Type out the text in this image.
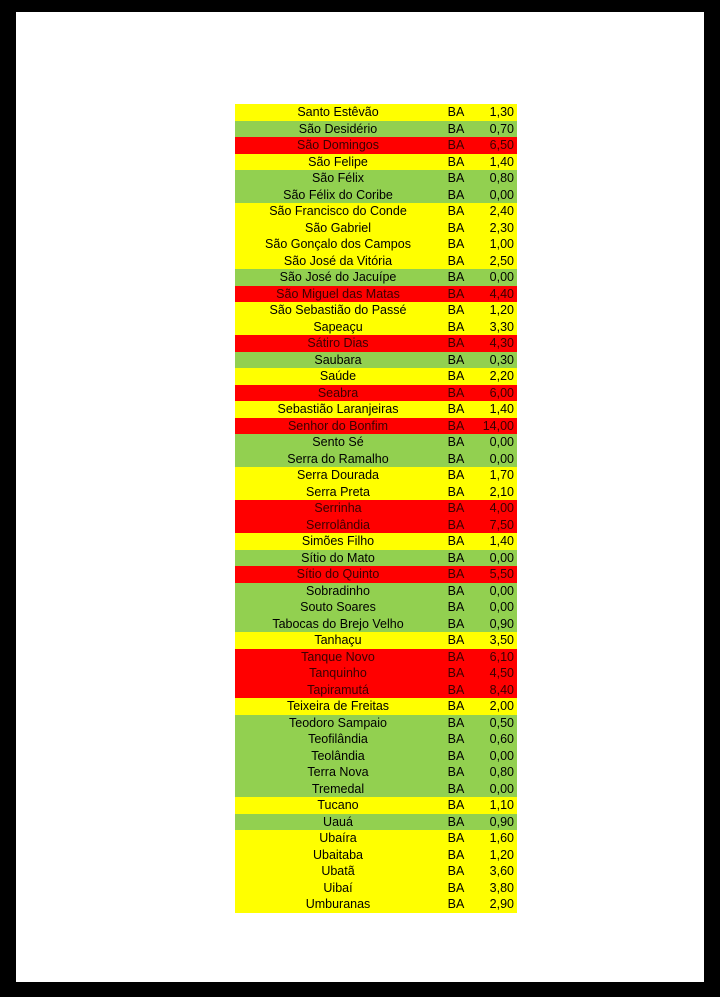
Santo Estêvão	BA	1,30
São Desidério	BA	0,70
São Domingos	BA	6,50
São Felipe	BA	1,40
São Félix	BA	0,80
São Félix do Coribe	BA	0,00
São Francisco do Conde	BA	2,40
São Gabriel	BA	2,30
São Gonçalo dos Campos	BA	1,00
São José da Vitória	BA	2,50
São José do Jacuípe	BA	0,00
São Miguel das Matas	BA	4,40
São Sebastião do Passé	BA	1,20
Sapeaçu	BA	3,30
Sátiro Dias	BA	4,30
Saubara	BA	0,30
Saúde	BA	2,20
Seabra	BA	6,00
Sebastião Laranjeiras	BA	1,40
Senhor do Bonfim	BA	14,00
Sento Sé	BA	0,00
Serra do Ramalho	BA	0,00
Serra Dourada	BA	1,70
Serra Preta	BA	2,10
Serrinha	BA	4,00
Serrolândia	BA	7,50
Simões Filho	BA	1,40
Sítio do Mato	BA	0,00
Sítio do Quinto	BA	5,50
Sobradinho	BA	0,00
Souto Soares	BA	0,00
Tabocas do Brejo Velho	BA	0,90
Tanhaçu	BA	3,50
Tanque Novo	BA	6,10
Tanquinho	BA	4,50
Tapiramutá	BA	8,40
Teixeira de Freitas	BA	2,00
Teodoro Sampaio	BA	0,50
Teofilândia	BA	0,60
Teolândia	BA	0,00
Terra Nova	BA	0,80
Tremedal	BA	0,00
Tucano	BA	1,10
Uauá	BA	0,90
Ubaíra	BA	1,60
Ubaitaba	BA	1,20
Ubatã	BA	3,60
Uibaí	BA	3,80
Umburanas	BA	2,90
